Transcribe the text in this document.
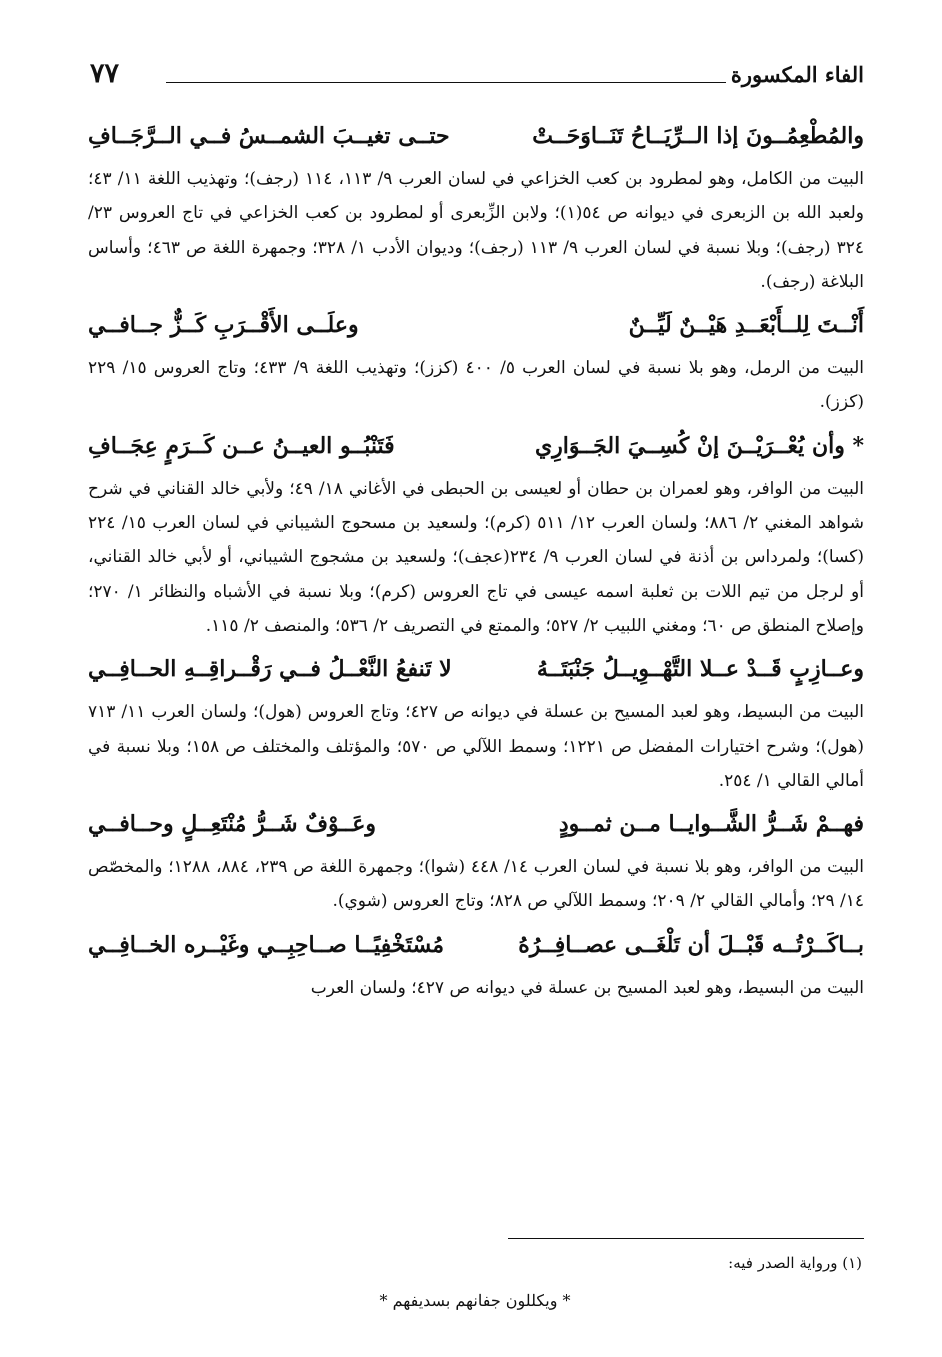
الفاء المكسورة
٧٧
والمُطْعِمُــونَ إذا الــرِّيَــاحُ تَنَــاوَحَــتْ
حتــى تغيــبَ الشمــسُ فــي الــرَّجَــافِ

البيت من الكامل، وهو لمطرود بن كعب الخزاعي في لسان العرب ٩/ ١١٣، ١١٤ (رجف)؛ وتهذيب اللغة ١١/ ٤٣؛ ولعبد الله بن الزبعرى في ديوانه ص ٥٤(١)؛ ولابن الزِّبعرى أو لمطرود بن كعب الخزاعي في تاج العروس ٢٣/ ٣٢٤ (رجف)؛ وبلا نسبة في لسان العرب ٩/ ١١٣ (رجف)؛ وديوان الأدب ١/ ٣٢٨؛ وجمهرة اللغة ص ٤٦٣؛ وأساس البلاغة (رجف).

أَنْــتَ لِلــأَبْعَــدِ هَيْــنٌ لَيِّــنٌ
وعلَــى الأَقْــرَبِ كَــزٌّ جــافــي

البيت من الرمل، وهو بلا نسبة في لسان العرب ٥/ ٤٠٠ (كزز)؛ وتهذيب اللغة ٩/ ٤٣٣؛ وتاج العروس ١٥/ ٢٢٩ (كزز).

* وأن يُعْــرَيْــنَ إنْ كُسِــيَ الجَــوَارِي
فَتَنْبُــو العيــنُ عــن كَــرَمٍ عِجَــافِ

البيت من الوافر، وهو لعمران بن حطان أو لعيسى بن الحبطى في الأغاني ١٨/ ٤٩؛ ولأبي خالد القناني في شرح شواهد المغني ٢/ ٨٨٦؛ ولسان العرب ١٢/ ٥١١ (كرم)؛ ولسعيد بن مسحوج الشيباني في لسان العرب ١٥/ ٢٢٤ (كسا)؛ ولمرداس بن أذنة في لسان العرب ٩/ ٢٣٤(عجف)؛ ولسعيد بن مشجوج الشيباني، أو لأبي خالد القناني، أو لرجل من تيم اللات بن ثعلبة اسمه عيسى في تاج العروس (كرم)؛ وبلا نسبة في الأشباه والنظائر ١/ ٢٧٠؛ وإصلاح المنطق ص ٦٠؛ ومغني اللبيب ٢/ ٥٢٧؛ والممتع في التصريف ٢/ ٥٣٦؛ والمنصف ٢/ ١١٥.

وعــازِبٍ قَــدْ عــلا التَّهْــوِيــلُ جَنْبَتَــهُ
لا تَنفعُ النَّعْــلُ فــي رَقْــراقِــهِ الحــافِــي

البيت من البسيط، وهو لعبد المسيح بن عسلة في ديوانه ص ٤٢٧؛ وتاج العروس (هول)؛ ولسان العرب ١١/ ٧١٣ (هول)؛ وشرح اختيارات المفضل ص ١٢٢١؛ وسمط اللآلي ص ٥٧٠؛ والمؤتلف والمختلف ص ١٥٨؛ وبلا نسبة في أمالي القالي ١/ ٢٥٤.

فهــمْ شَــرُّ الشَّــوايــا مــن ثمــودٍ
وعَــوْفٌ شَــرُّ مُنْتَعِــلٍ وحــافــي

البيت من الوافر، وهو بلا نسبة في لسان العرب ١٤/ ٤٤٨ (شوا)؛ وجمهرة اللغة ص ٢٣٩، ٨٨٤، ١٢٨٨؛ والمخصّص ١٤/ ٢٩؛ وأمالي القالي ٢/ ٢٠٩؛ وسمط اللآلي ص ٨٢٨؛ وتاج العروس (شوي).

بــاكَــرْتُــه قَبْــلَ أن تَلْغَــى عصــافِــرُهُ
مُسْتَخْفِيًــا صــاحِبِــي وغَيْــره الخــافِــي

البيت من البسيط، وهو لعبد المسيح بن عسلة في ديوانه ص ٤٢٧؛ ولسان العرب

(١) ورواية الصدر فيه:
* ويكللون جفانهم بسديفهم *
